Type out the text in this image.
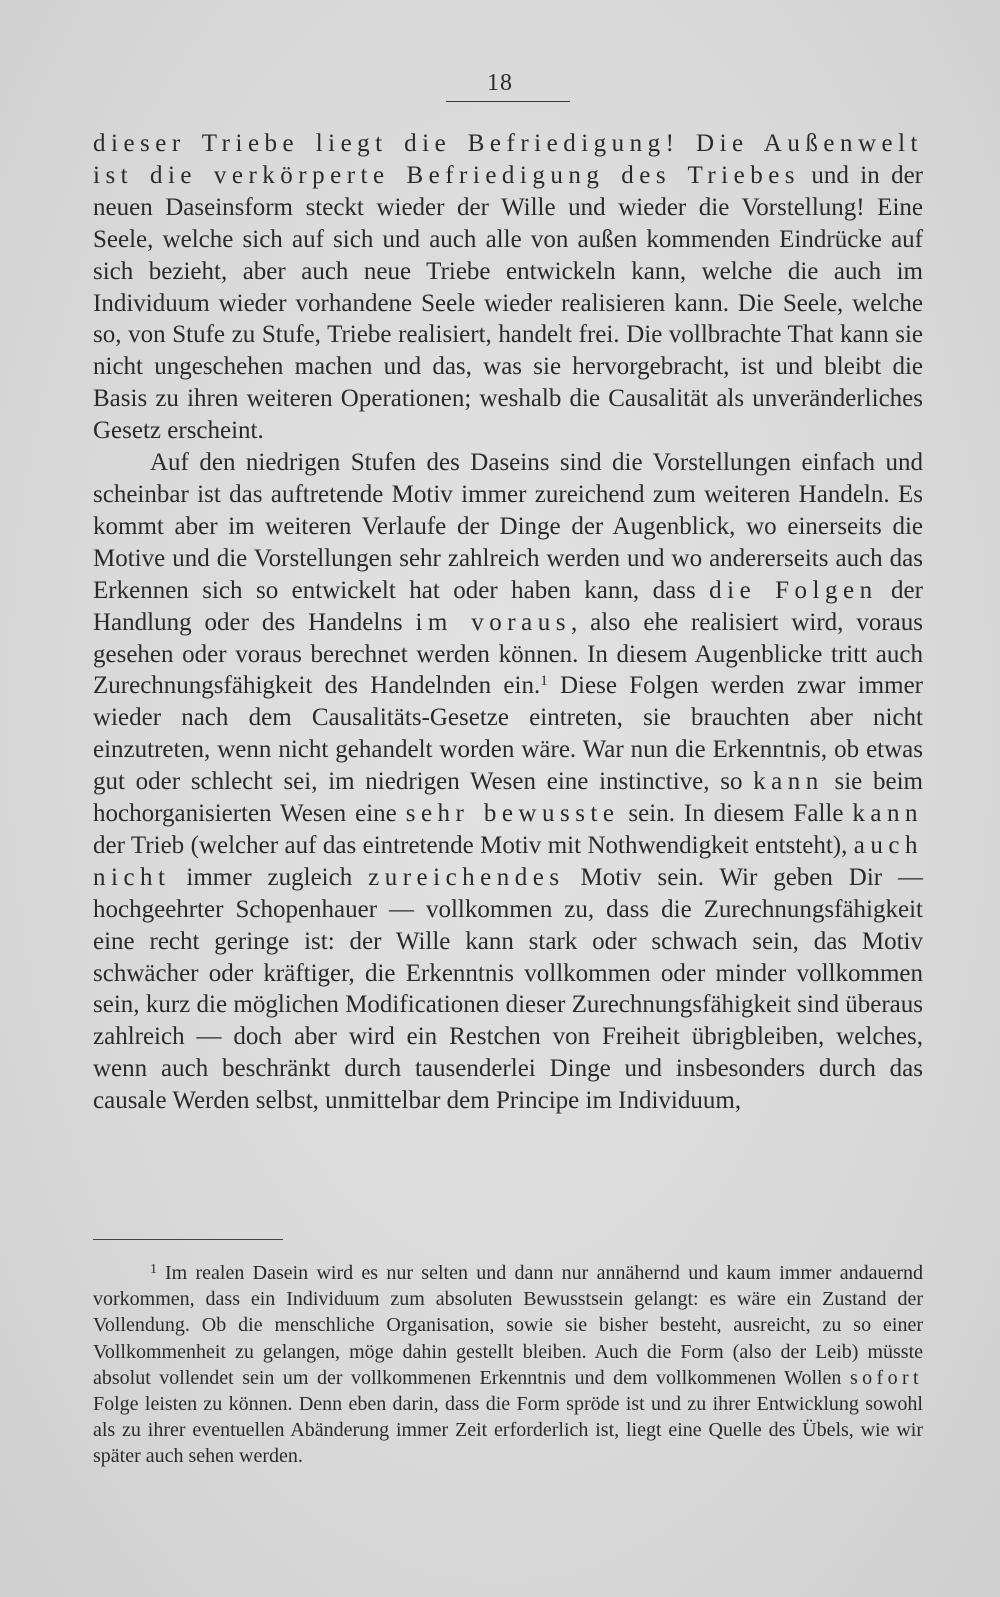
18

dieser Triebe liegt die Befriedigung! Die Außenwelt ist die verkörperte Befriedigung des Triebes und in der neuen Daseinsform steckt wieder der Wille und wieder die Vorstellung! Eine Seele, welche sich auf sich und auch alle von außen kommenden Eindrücke auf sich bezieht, aber auch neue Triebe entwickeln kann, welche die auch im Individuum wieder vorhandene Seele wieder realisieren kann. Die Seele, welche so, von Stufe zu Stufe, Triebe realisiert, handelt frei. Die vollbrachte That kann sie nicht ungeschehen machen und das, was sie hervorgebracht, ist und bleibt die Basis zu ihren weiteren Operationen; weshalb die Causalität als unveränderliches Gesetz erscheint.

Auf den niedrigen Stufen des Daseins sind die Vorstellungen einfach und scheinbar ist das auftretende Motiv immer zureichend zum weiteren Handeln. Es kommt aber im weiteren Verlaufe der Dinge der Augenblick, wo einerseits die Motive und die Vorstellungen sehr zahlreich werden und wo andererseits auch das Erkennen sich so entwickelt hat oder haben kann, dass die Folgen der Handlung oder des Handelns im voraus, also ehe realisiert wird, voraus gesehen oder voraus berechnet werden können. In diesem Augenblicke tritt auch Zurechnungsfähigkeit des Handelnden ein.$^1$ Diese Folgen werden zwar immer wieder nach dem Causalitäts-Gesetze eintreten, sie brauchten aber nicht einzutreten, wenn nicht gehandelt worden wäre. War nun die Erkenntnis, ob etwas gut oder schlecht sei, im niedrigen Wesen eine instinctive, so kann sie beim hochorganisierten Wesen eine sehr bewusste sein. In diesem Falle kann der Trieb (welcher auf das eintretende Motiv mit Nothwendigkeit entsteht), auch nicht immer zugleich zureichendes Motiv sein. Wir geben Dir — hochgeehrter Schopenhauer — vollkommen zu, dass die Zurechnungsfähigkeit eine recht geringe ist: der Wille kann stark oder schwach sein, das Motiv schwächer oder kräftiger, die Erkenntnis vollkommen oder minder vollkommen sein, kurz die möglichen Modificationen dieser Zurechnungsfähigkeit sind überaus zahlreich — doch aber wird ein Restchen von Freiheit übrigbleiben, welches, wenn auch beschränkt durch tausenderlei Dinge und insbesonders durch das causale Werden selbst, unmittelbar dem Principe im Individuum,

$^1$ Im realen Dasein wird es nur selten und dann nur annähernd und kaum immer andauernd vorkommen, dass ein Individuum zum absoluten Bewusstsein gelangt: es wäre ein Zustand der Vollendung. Ob die menschliche Organisation, sowie sie bisher besteht, ausreicht, zu so einer Vollkommenheit zu gelangen, möge dahin gestellt bleiben. Auch die Form (also der Leib) müsste absolut vollendet sein um der vollkommenen Erkenntnis und dem vollkommenen Wollen sofort Folge leisten zu können. Denn eben darin, dass die Form spröde ist und zu ihrer Entwicklung sowohl als zu ihrer eventuellen Abänderung immer Zeit erforderlich ist, liegt eine Quelle des Übels, wie wir später auch sehen werden.
